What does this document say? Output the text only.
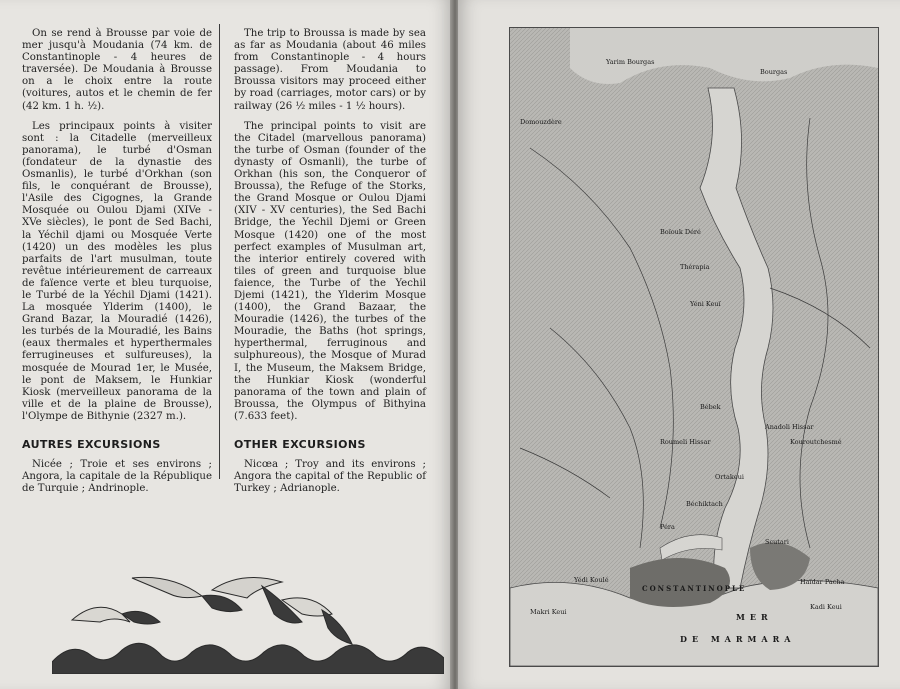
On se rend à Brousse par voie de mer jusqu'à Moudania (74 km. de Constantinople - 4 heures de traversée). De Moudania à Brousse on a le choix entre la route (voitures, autos et le chemin de fer (42 km. 1 h. ½).

Les principaux points à visiter sont : la Citadelle (merveilleux panorama), le turbé d'Osman (fondateur de la dynastie des Osmanlis), le turbé d'Orkhan (son fils, le conquérant de Brousse), l'Asile des Cigognes, la Grande Mosquée ou Oulou Djami (XIVe - XVe siècles), le pont de Sed Bachi, la Yéchil djami ou Mosquée Verte (1420) un des modèles les plus parfaits de l'art musulman, toute revêtue intérieurement de carreaux de faïence verte et bleu turquoise, le Turbé de la Yéchil Djami (1421). La mosquée Ylderim (1400), le Grand Bazar, la Mouradié (1426), les turbés de la Mouradié, les Bains (eaux thermales et hyperthermales ferrugineuses et sulfureuses), la mosquée de Mourad 1er, le Musée, le pont de Maksem, le Hunkiar Kiosk (merveilleux panorama de la ville et de la plaine de Brousse), l'Olympe de Bithynie (2327 m.).

AUTRES EXCURSIONS

Nicée ; Troie et ses environs ; Angora, la capitale de la République de Turquie ; Andrinople.

The trip to Broussa is made by sea as far as Moudania (about 46 miles from Constantinople - 4 hours passage). From Moudania to Broussa visitors may proceed either by road (carriages, motor cars) or by railway (26 ½ miles - 1 ½ hours).

The principal points to visit are the Citadel (marvellous panorama) the turbe of Osman (founder of the dynasty of Osmanli), the turbe of Orkhan (his son, the Conqueror of Broussa), the Refuge of the Storks, the Grand Mosque or Oulou Djami (XIV - XV centuries), the Sed Bachi Bridge, the Yechil Djemi or Green Mosque (1420) one of the most perfect examples of Musulman art, the interior entirely covered with tiles of green and turquoise blue faience, the Turbe of the Yechil Djemi (1421), the Ylderim Mosque (1400), the Grand Bazaar, the Mouradie (1426), the turbes of the Mouradie, the Baths (hot springs, hyperthermal, ferruginous and sulphureous), the Mosque of Murad I, the Museum, the Maksem Bridge, the Hunkiar Kiosk (wonderful panorama of the town and plain of Broussa, the Olympus of Bithyina (7.633 feet).

OTHER EXCURSIONS

Nicœa ; Troy and its environs ; Angora the capital of the Republic of Turkey ; Adrianople.

Yarim Bourgas
Domouzdère
Bourgas
Boïouk Déré
Thérapia
Yéni Keuï
Bébek
Roumeli Hissar
Anadoli Hissar
Béchiktach
Péra
Scutari
Kadi Keui
Makri Keui
Yédi Koulé
Ortakeui
Kouroutchesmé
Haïdar Pacha
CONSTANTINOPLE
MER
DE MARMARA
